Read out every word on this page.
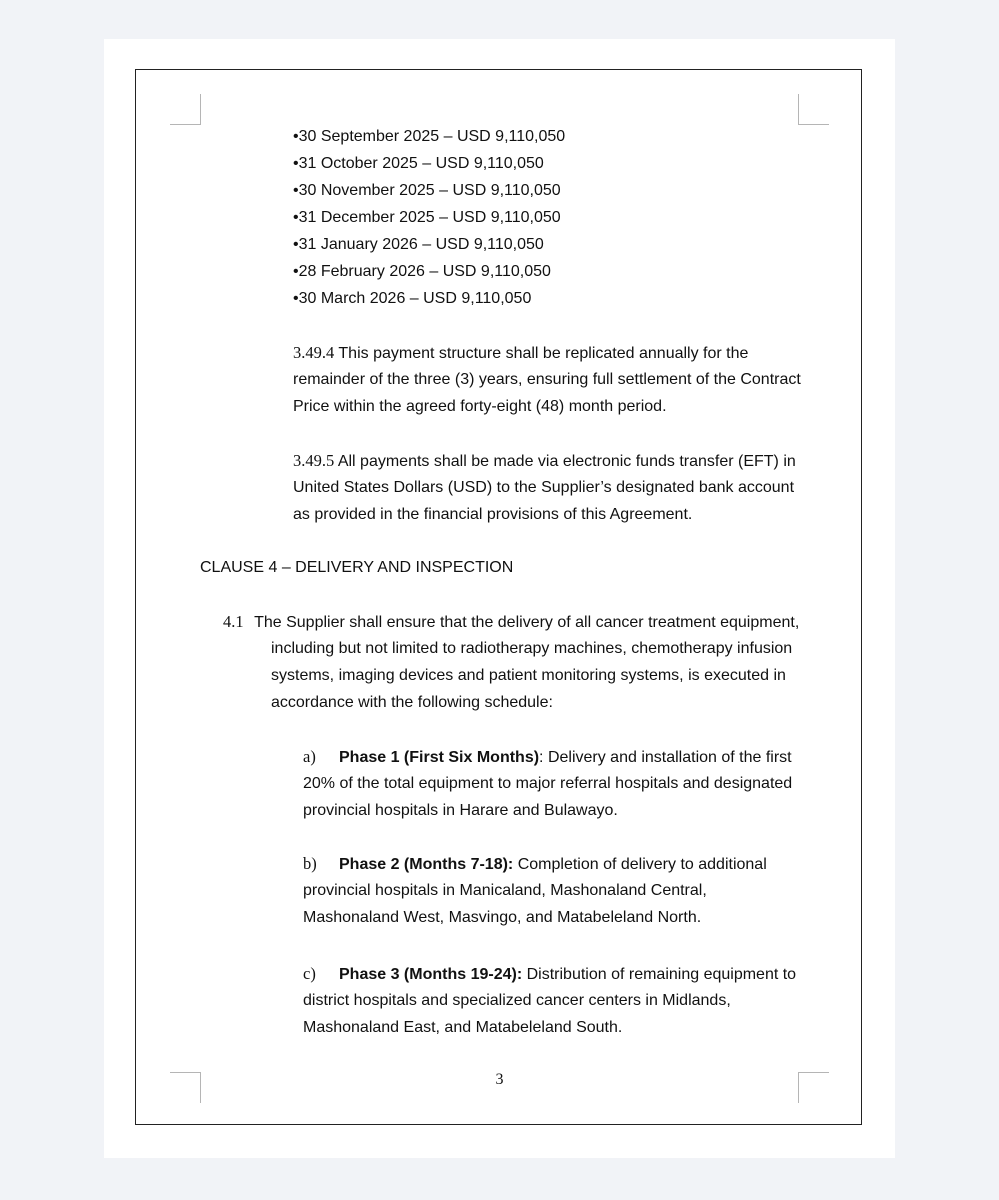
•30 September 2025 – USD 9,110,050
•31 October 2025 – USD 9,110,050
•30 November 2025 – USD 9,110,050
•31 December 2025 – USD 9,110,050
•31 January 2026 – USD 9,110,050
•28 February 2026 – USD 9,110,050
•30 March 2026 – USD 9,110,050
3.49.4 This payment structure shall be replicated annually for the
remainder of the three (3) years, ensuring full settlement of the Contract
Price within the agreed forty-eight (48) month period.
3.49.5 All payments shall be made via electronic funds transfer (EFT) in
United States Dollars (USD) to the Supplier’s designated bank account
as provided in the financial provisions of this Agreement.
CLAUSE 4 – DELIVERY AND INSPECTION
4.1 The Supplier shall ensure that the delivery of all cancer treatment equipment,
including but not limited to radiotherapy machines, chemotherapy infusion
systems, imaging devices and patient monitoring systems, is executed in
accordance with the following schedule:
a) Phase 1 (First Six Months): Delivery and installation of the first
20% of the total equipment to major referral hospitals and designated
provincial hospitals in Harare and Bulawayo.
b) Phase 2 (Months 7-18): Completion of delivery to additional
provincial hospitals in Manicaland, Mashonaland Central,
Mashonaland West, Masvingo, and Matabeleland North.
c) Phase 3 (Months 19-24): Distribution of remaining equipment to
district hospitals and specialized cancer centers in Midlands,
Mashonaland East, and Matabeleland South.
3
